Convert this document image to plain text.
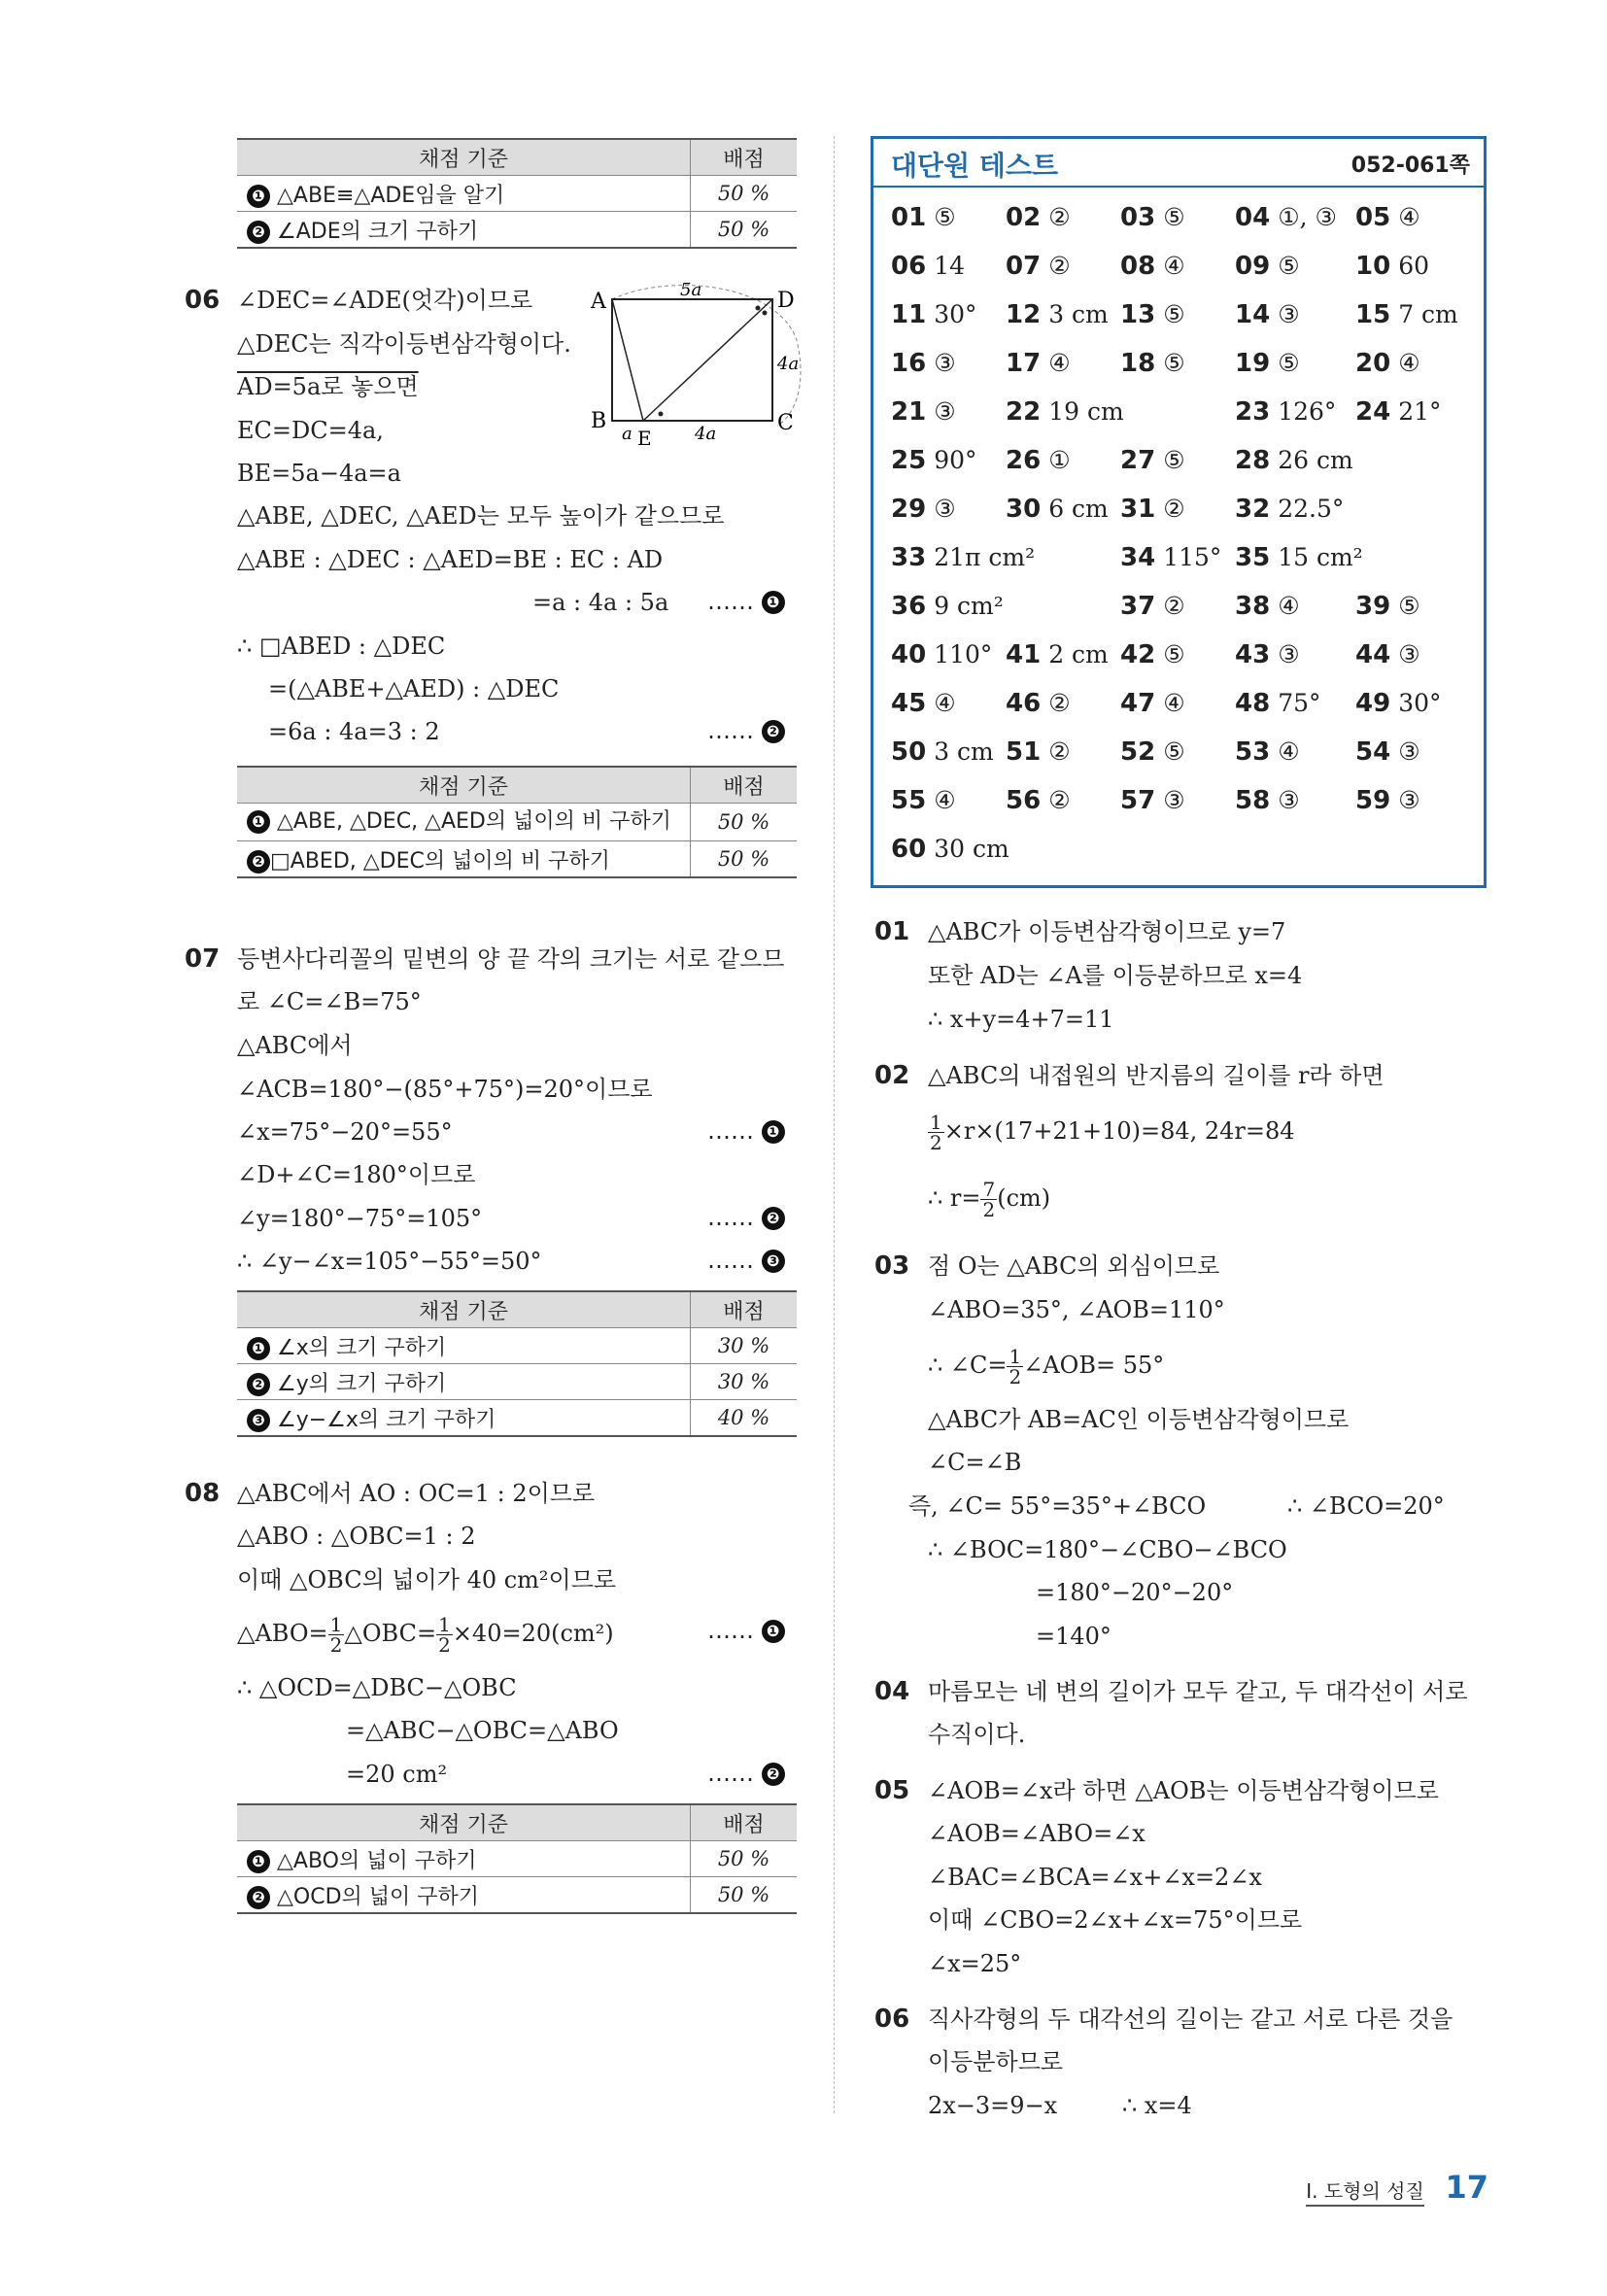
채점 기준	배점
❶ △ABE≡△ADE임을 알기	50 %
❷ ∠ADE의 크기 구하기	50 %
06 ∠DEC=∠ADE(엇각)이므로
△DEC는 직각이등변삼각형이다.
AD=5a로 놓으면
EC=DC=4a,
BE=5a−4a=a
△ABE, △DEC, △AED는 모두 높이가 같으므로
△ABE : △DEC : △AED=BE : EC : AD
=a : 4a : 5a …… ❶
∴ □ABED : △DEC
=(△ABE+△AED) : △DEC
=6a : 4a=3 : 2	…… ❷
A	D
B	C
E
5a
4a
a	4a
채점 기준	배점
❶ △ABE, △DEC, △AED의 넓이의 비 구하기	50 %
❷ □ABED, △DEC의 넓이의 비 구하기	50 %
07 등변사다리꼴의 밑변의 양 끝 각의 크기는 서로 같으므
로 ∠C=∠B=75°
△ABC에서
∠ACB=180°−(85°+75°)=20°이므로
∠x=75°−20°=55°	…… ❶
∠D+∠C=180°이므로
∠y=180°−75°=105°	…… ❷
∴ ∠y−∠x=105°−55°=50°	…… ❸
채점 기준	배점
❶ ∠x의 크기 구하기	30 %
❷ ∠y의 크기 구하기	30 %
❸ ∠y−∠x의 크기 구하기	40 %
08 △ABC에서 AO : OC=1 : 2이므로
△ABO : △OBC=1 : 2
이때 △OBC의 넓이가 40 cm²이므로
△ABO= $\frac{1}{2}$ △OBC= $\frac{1}{2} \times 40=20(cm^2)$	…… ❶
∴ △OCD=△DBC−△OBC
=△ABC−△OBC=△ABO
=20 cm²	…… ❷
채점 기준	배점
❶ △ABO의 넓이 구하기	50 %
❷ △OCD의 넓이 구하기	50 %
대단원 테스트	052-061쪽
01 ⑤ 02 ② 03 ⑤ 04 ①, ③ 05 ④
06 14 07 ② 08 ④ 09 ⑤ 10 60
11 30° 12 3 cm 13 ⑤ 14 ③ 15 7 cm
16 ③ 17 ④ 18 ⑤ 19 ⑤ 20 ④
21 ③ 22 19 cm	23 126° 24 21°
25 90° 26 ① 27 ⑤ 28 26 cm
29 ③ 30 6 cm 31 ② 32 22.5°
33 21π cm²	34 115° 35 15 cm²
36 9 cm²	37 ② 38 ④ 39 ⑤
40 110° 41 2 cm 42 ⑤ 43 ③ 44 ③
45 ④ 46 ② 47 ④ 48 75° 49 30°
50 3 cm 51 ② 52 ⑤ 53 ④ 54 ③
55 ④ 56 ② 57 ③ 58 ③ 59 ③
60 30 cm
01 △ABC가 이등변삼각형이므로 y=7
또한 AD는 ∠A를 이등분하므로 x=4
∴ x+y=4+7=11
02 △ABC의 내접원의 반지름의 길이를 r라 하면
$\frac{1}{2} \times r\times(17+21+10)=84$, 24r=84
∴ $r= \frac{7}{2} (cm)$
03 점 O는 △ABC의 외심이므로
∠ABO=35°, ∠AOB=110°
∴ ∠C= $\frac{1}{2}$ ∠AOB= 55°
△ABC가 AB=AC인 이등변삼각형이므로
∠C=∠B
즉, ∠C= 55°=35°+∠BCO	∴ ∠BCO=20°
∴ ∠BOC=180°−∠CBO−∠BCO
=180°−20°−20°
=140°
04 마름모는 네 변의 길이가 모두 같고, 두 대각선이 서로
수직이다.
05 ∠AOB=∠x라 하면 △AOB는 이등변삼각형이므로
∠AOB=∠ABO=∠x
∠BAC=∠BCA=∠x+∠x=2∠x
이때 ∠CBO=2∠x+∠x=75°이므로
∠x=25°
06 직사각형의 두 대각선의 길이는 같고 서로 다른 것을
이등분하므로
2x−3=9−x	∴ x=4
I. 도형의 성질 17
